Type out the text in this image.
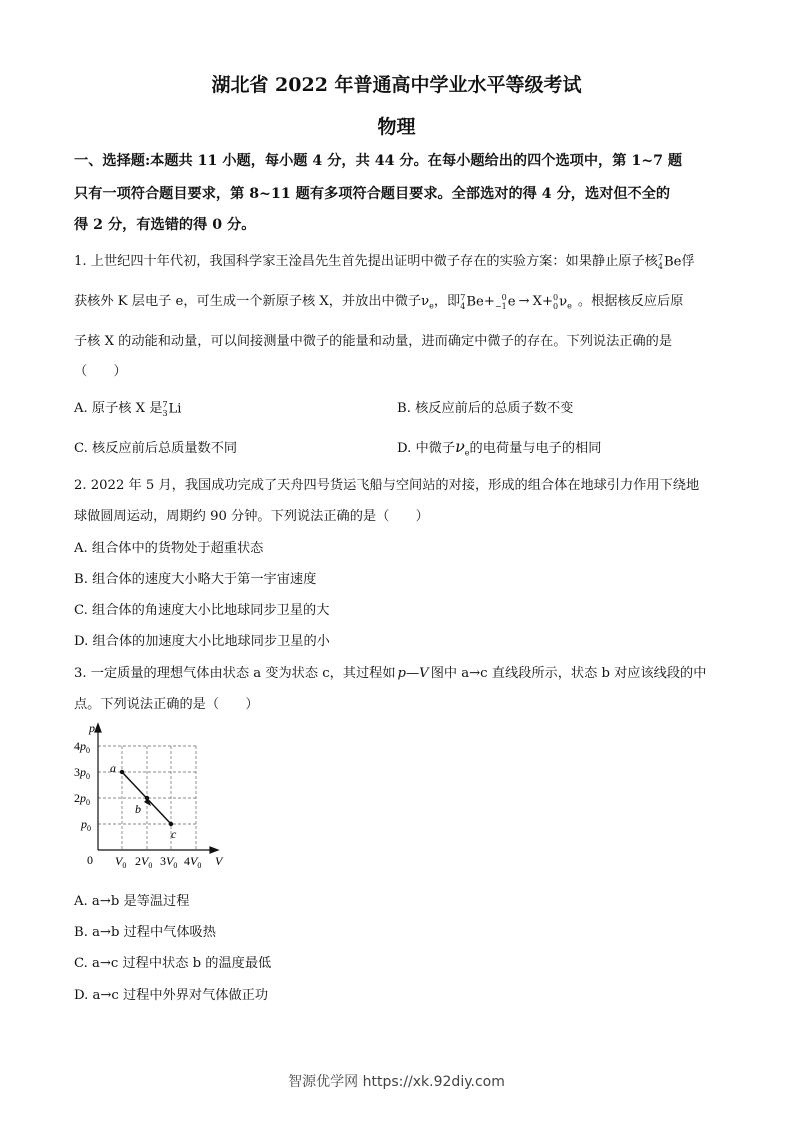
湖北省 2022 年普通高中学业水平等级考试
物理
一、选择题:本题共 11 小题，每小题 4 分，共 44 分。在每小题给出的四个选项中，第 1~7 题
只有一项符合题目要求，第 8~11 题有多项符合题目要求。全部选对的得 4 分，选对但不全的
得 2 分，有选错的得 0 分。
1. 上世纪四十年代初，我国科学家王淦昌先生首先提出证明中微子存在的实验方案：如果静止原子核 7
4 Be俘
获核外 K 层电子 e，可生成一个新原子核 X，并放出中微子$\nu_e$，即 7
4 Be+ 0
−1 e → X+ 0
0 $\nu_e$ 。根据核反应后原
子核 X 的动能和动量，可以间接测量中微子的能量和动量，进而确定中微子的存在。下列说法正确的是
（　　）
A. 原子核 X 是 7
3 Li	B. 核反应前后的总质子数不变
C. 核反应前后总质量数不同	D. 中微子$\nu_e$的电荷量与电子的相同
2. 2022 年 5 月，我国成功完成了天舟四号货运飞船与空间站的对接，形成的组合体在地球引力作用下绕地
球做圆周运动，周期约 90 分钟。下列说法正确的是（　　）
A. 组合体中的货物处于超重状态
B. 组合体的速度大小略大于第一宇宙速度
C. 组合体的角速度大小比地球同步卫星的大
D. 组合体的加速度大小比地球同步卫星的小
3. 一定质量的理想气体由状态 a 变为状态 c，其过程如 p—V 图中 a→c 直线段所示，状态 b 对应该线段的中
点。下列说法正确的是（　　）
a
b
c
p
V
0
$4p_0$
$3p_0$
$2p_0$
$p_0$
$V_0$ $2V_0$ $3V_0$ $4V_0$
A. a→b 是等温过程
B. a→b 过程中气体吸热
C. a→c 过程中状态 b 的温度最低
D. a→c 过程中外界对气体做正功
智源优学网 https://xk.92diy.com
